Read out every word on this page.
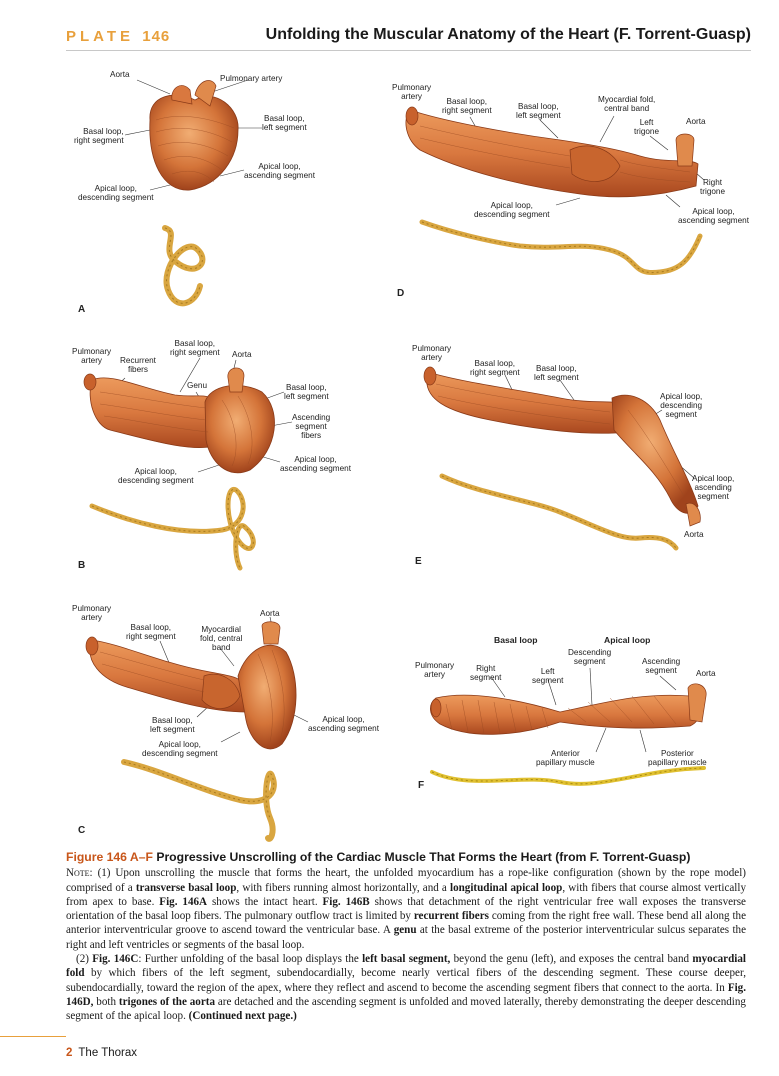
PLATE 146	Unfolding the Muscular Anatomy of the Heart (F. Torrent-Guasp)
Aorta	Pulmonary artery
Basal loop,
right segment
Basal loop,
left segment
Apical loop,
ascending segment
Apical loop,
descending segment
A
Pulmonary
artery	Recurrent
fibers
Basal loop,
right segment Aorta
Genu	Basal loop,
left segment
Ascending
segment
fibers
Apical loop,
ascending segment
Apical loop,
descending segment
B
Pulmonary
artery
Basal loop,
right segment
Myocardial
fold, central
band
Aorta
Basal loop,
left segment
Apical loop,
descending segment
Apical loop,
ascending segment
C
Pulmonary
artery
Basal loop,
right segment	Basal loop,
left segment
Myocardial fold,
central band
Left
trigone
Aorta
Right
trigone
Apical loop,
descending segment	Apical loop,
ascending segment
D
Pulmonary
artery
Basal loop,
right segment Basal loop,
left segment
Apical loop,
descending
segment
Apical loop,
ascending
segment
Aorta
E
Basal loop	Apical loop
Pulmonary
artery
Right
segment
Left
segment
Descending
segment	Ascending
segment	Aorta
Anterior
papillary muscle
Posterior
papillary muscle
F
Figure 146 A–F Progressive Unscrolling of the Cardiac Muscle That Forms the Heart (from F. Torrent-Guasp)
Note: (1) Upon unscrolling the muscle that forms the heart, the unfolded myocardium has a rope-like configuration (shown by the rope model) comprised of a transverse basal loop, with fibers running almost horizontally, and a longitudinal apical loop, with fibers that course almost vertically from apex to base. Fig. 146A shows the intact heart. Fig. 146B shows that detachment of the right ventricular free wall exposes the transverse orientation of the basal loop fibers. The pulmonary outflow tract is limited by recurrent fibers coming from the right free wall. These bend all along the anterior interventricular groove to ascend toward the ventricular base. A genu at the basal extreme of the posterior interventricular sulcus separates the right and left ventricles or segments of the basal loop.
(2) Fig. 146C: Further unfolding of the basal loop displays the left basal segment, beyond the genu (left), and exposes the central band myocardial fold by which fibers of the left segment, subendocardially, become nearly vertical fibers of the descending segment. These course deeper, subendocardially, toward the region of the apex, where they reflect and ascend to become the ascending segment fibers that connect to the aorta. In Fig. 146D, both trigones of the aorta are detached and the ascending segment is unfolded and moved laterally, thereby demonstrating the deeper descending segment of the apical loop. (Continued next page.)
2 The Thorax
